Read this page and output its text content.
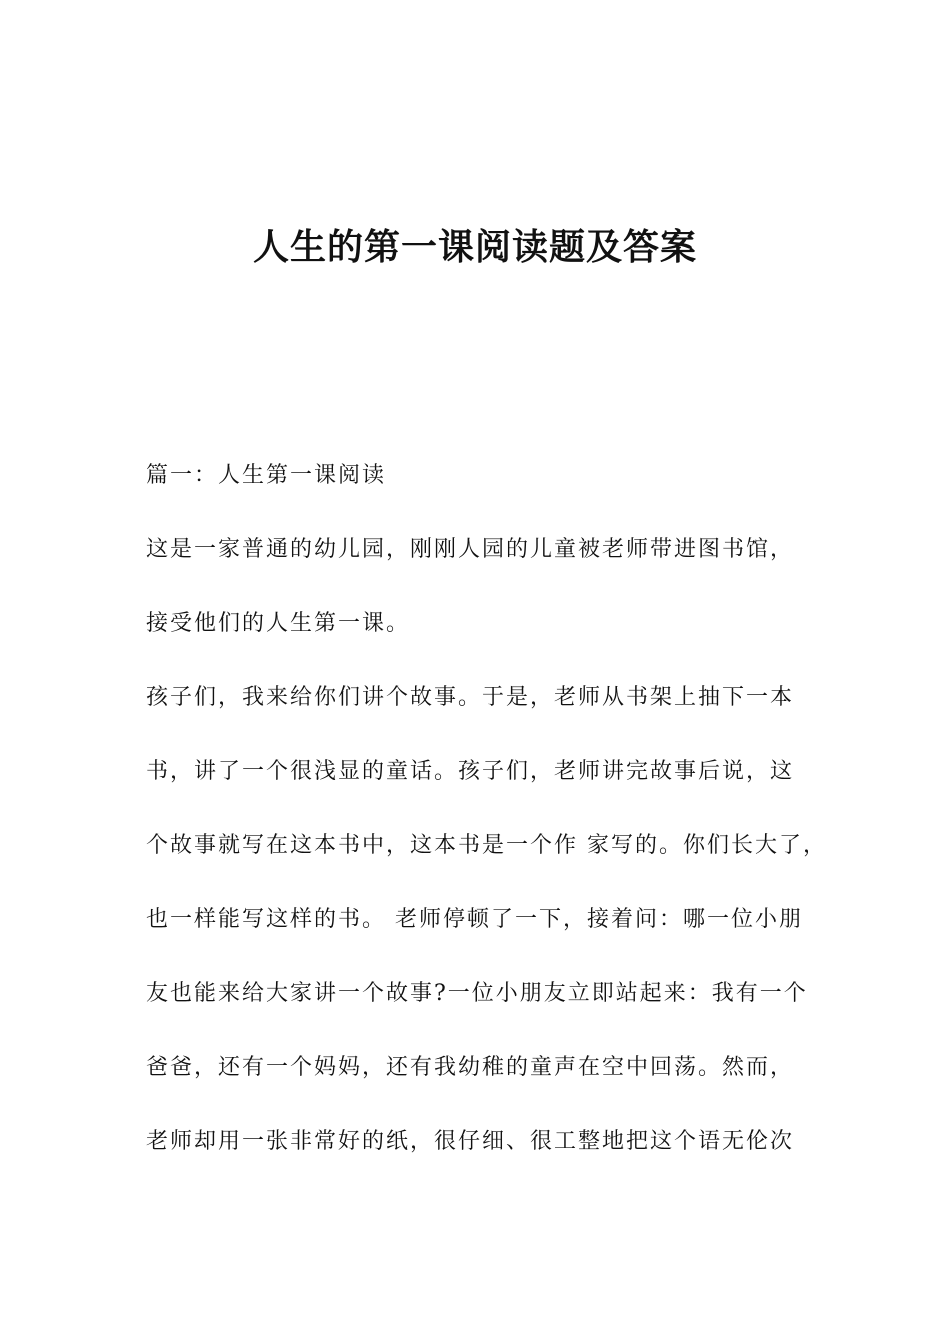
人生的第一课阅读题及答案
篇一：人生第一课阅读
这是一家普通的幼儿园，刚刚人园的儿童被老师带进图书馆，
接受他们的人生第一课。
孩子们，我来给你们讲个故事。于是，老师从书架上抽下一本
书，讲了一个很浅显的童话。孩子们，老师讲完故事后说，这
个故事就写在这本书中，这本书是一个作 家写的。你们长大了，
也一样能写这样的书。 老师停顿了一下，接着问：哪一位小朋
友也能来给大家讲一个故事?一位小朋友立即站起来：我有一个
爸爸，还有一个妈妈，还有我幼稚的童声在空中回荡。然而，
老师却用一张非常好的纸，很仔细、很工整地把这个语无伦次
